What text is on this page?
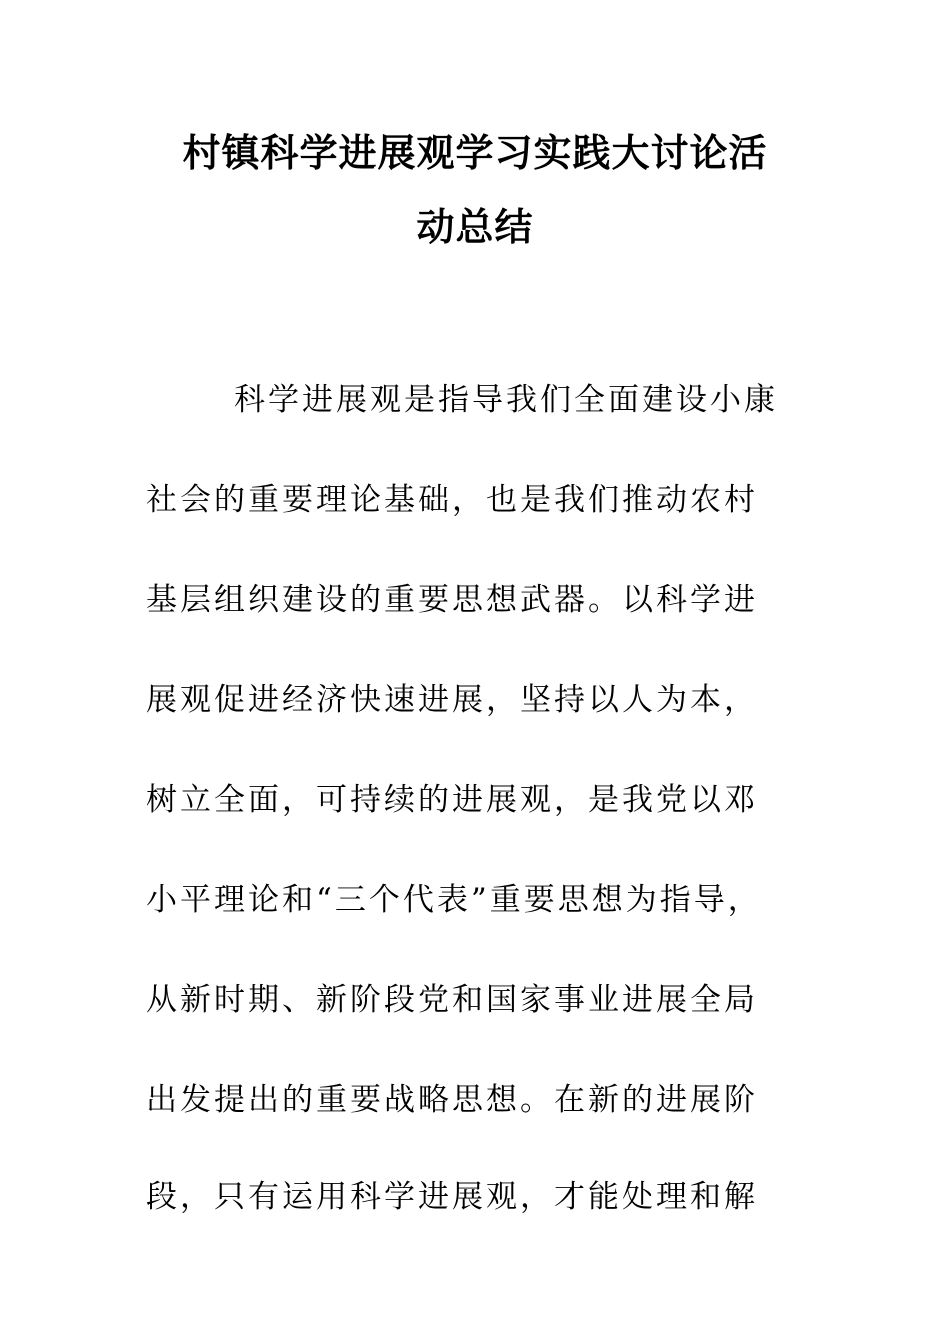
村镇科学进展观学习实践大讨论活
动总结

科学进展观是指导我们全面建设小康

社会的重要理论基础，也是我们推动农村

基层组织建设的重要思想武器。以科学进

展观促进经济快速进展，坚持以人为本，

树立全面，可持续的进展观，是我党以邓

小平理论和“三个代表”重要思想为指导，

从新时期、新阶段党和国家事业进展全局

出发提出的重要战略思想。在新的进展阶

段，只有运用科学进展观，才能处理和解
